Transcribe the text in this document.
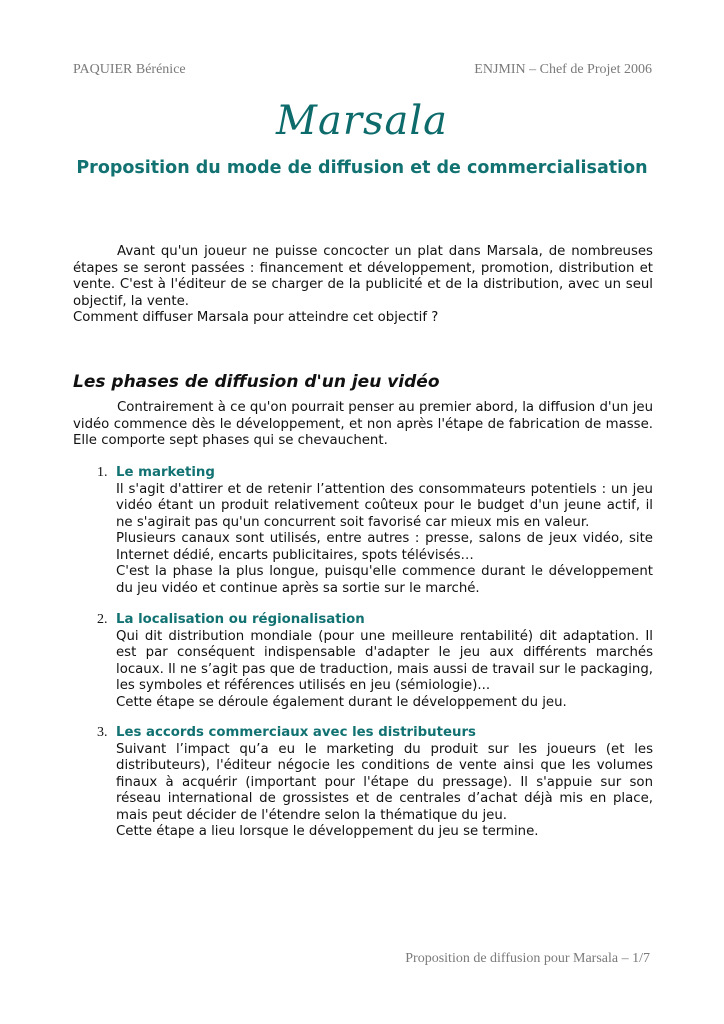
PAQUIER Bérénice	ENJMIN – Chef de Projet 2006
Marsala
Proposition du mode de diffusion et de commercialisation

Avant qu'un joueur ne puisse concocter un plat dans Marsala, de nombreuses étapes se seront passées : financement et développement, promotion, distribution et vente. C'est à l'éditeur de se charger de la publicité et de la distribution, avec un seul objectif, la vente.

Comment diffuser Marsala pour atteindre cet objectif ?

Les phases de diffusion d'un jeu vidéo

Contrairement à ce qu'on pourrait penser au premier abord, la diffusion d'un jeu vidéo commence dès le développement, et non après l'étape de fabrication de masse. Elle comporte sept phases qui se chevauchent.

1. Le marketing

Il s'agit d'attirer et de retenir l’attention des consommateurs potentiels : un jeu vidéo étant un produit relativement coûteux pour le budget d'un jeune actif, il ne s'agirait pas qu'un concurrent soit favorisé car mieux mis en valeur.

Plusieurs canaux sont utilisés, entre autres : presse, salons de jeux vidéo, site Internet dédié, encarts publicitaires, spots télévisés…

C'est la phase la plus longue, puisqu'elle commence durant le développement du jeu vidéo et continue après sa sortie sur le marché.

2. La localisation ou régionalisation

Qui dit distribution mondiale (pour une meilleure rentabilité) dit adaptation. Il est par conséquent indispensable d'adapter le jeu aux différents marchés locaux. Il ne s’agit pas que de traduction, mais aussi de travail sur le packaging, les symboles et références utilisés en jeu (sémiologie)...

Cette étape se déroule également durant le développement du jeu.

3. Les accords commerciaux avec les distributeurs

Suivant l’impact qu’a eu le marketing du produit sur les joueurs (et les distributeurs), l'éditeur négocie les conditions de vente ainsi que les volumes finaux à acquérir (important pour l'étape du pressage). Il s'appuie sur son réseau international de grossistes et de centrales d’achat déjà mis en place, mais peut décider de l'étendre selon la thématique du jeu.

Cette étape a lieu lorsque le développement du jeu se termine.

Proposition de diffusion pour Marsala – 1/7
